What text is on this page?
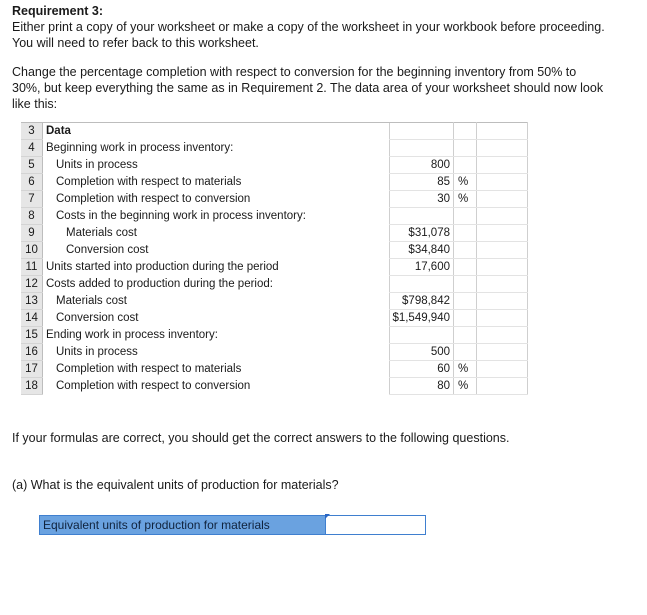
Requirement 3:
Either print a copy of your worksheet or make a copy of the worksheet in your workbook before proceeding.
You will need to refer back to this worksheet.
Change the percentage completion with respect to conversion for the beginning inventory from 50% to
30%, but keep everything the same as in Requirement 2. The data area of your worksheet should now look
like this:
3	Data			
4	Beginning work in process inventory:			
5	Units in process	800		
6	Completion with respect to materials	85	%	
7	Completion with respect to conversion	30	%	
8	Costs in the beginning work in process inventory:			
9	Materials cost	$31,078		
10	Conversion cost	$34,840		
11	Units started into production during the period	17,600		
12	Costs added to production during the period:			
13	Materials cost	$798,842		
14	Conversion cost	$1,549,940		
15	Ending work in process inventory:			
16	Units in process	500		
17	Completion with respect to materials	60	%	
18	Completion with respect to conversion	80	%	
If your formulas are correct, you should get the correct answers to the following questions.
(a) What is the equivalent units of production for materials?
Equivalent units of production for materials
